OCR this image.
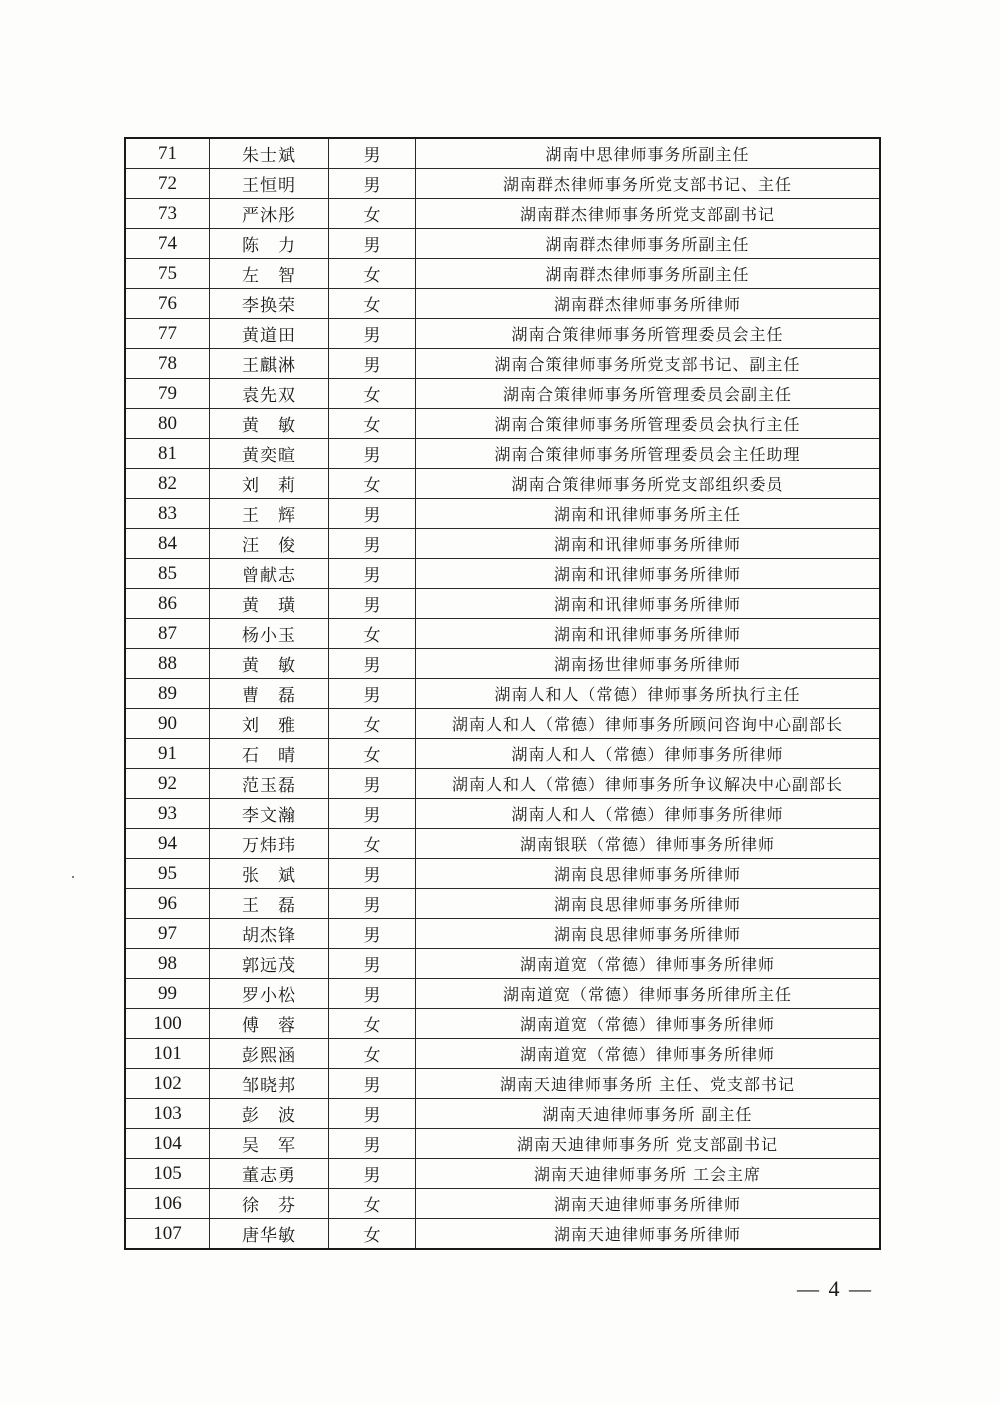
71	朱士斌	男	湖南中思律师事务所副主任
72	王恒明	男	湖南群杰律师事务所党支部书记、主任
73	严沐彤	女	湖南群杰律师事务所党支部副书记
74	陈　力	男	湖南群杰律师事务所副主任
75	左　智	女	湖南群杰律师事务所副主任
76	李换荣	女	湖南群杰律师事务所律师
77	黄道田	男	湖南合策律师事务所管理委员会主任
78	王麒淋	男	湖南合策律师事务所党支部书记、副主任
79	袁先双	女	湖南合策律师事务所管理委员会副主任
80	黄　敏	女	湖南合策律师事务所管理委员会执行主任
81	黄奕暄	男	湖南合策律师事务所管理委员会主任助理
82	刘　莉	女	湖南合策律师事务所党支部组织委员
83	王　辉	男	湖南和讯律师事务所主任
84	汪　俊	男	湖南和讯律师事务所律师
85	曾献志	男	湖南和讯律师事务所律师
86	黄　璜	男	湖南和讯律师事务所律师
87	杨小玉	女	湖南和讯律师事务所律师
88	黄　敏	男	湖南扬世律师事务所律师
89	曹　磊	男	湖南人和人（常德）律师事务所执行主任
90	刘　雅	女	湖南人和人（常德）律师事务所顾问咨询中心副部长
91	石　晴	女	湖南人和人（常德）律师事务所律师
92	范玉磊	男	湖南人和人（常德）律师事务所争议解决中心副部长
93	李文瀚	男	湖南人和人（常德）律师事务所律师
94	万炜玮	女	湖南银联（常德）律师事务所律师
95	张　斌	男	湖南良思律师事务所律师
96	王　磊	男	湖南良思律师事务所律师
97	胡杰锋	男	湖南良思律师事务所律师
98	郭远茂	男	湖南道宽（常德）律师事务所律师
99	罗小松	男	湖南道宽（常德）律师事务所律所主任
100	傅　蓉	女	湖南道宽（常德）律师事务所律师
101	彭熙涵	女	湖南道宽（常德）律师事务所律师
102	邹晓邦	男	湖南天迪律师事务所 主任、党支部书记
103	彭　波	男	湖南天迪律师事务所 副主任
104	吴　军	男	湖南天迪律师事务所 党支部副书记
105	董志勇	男	湖南天迪律师事务所 工会主席
106	徐　芬	女	湖南天迪律师事务所律师
107	唐华敏	女	湖南天迪律师事务所律师
— 4 —
